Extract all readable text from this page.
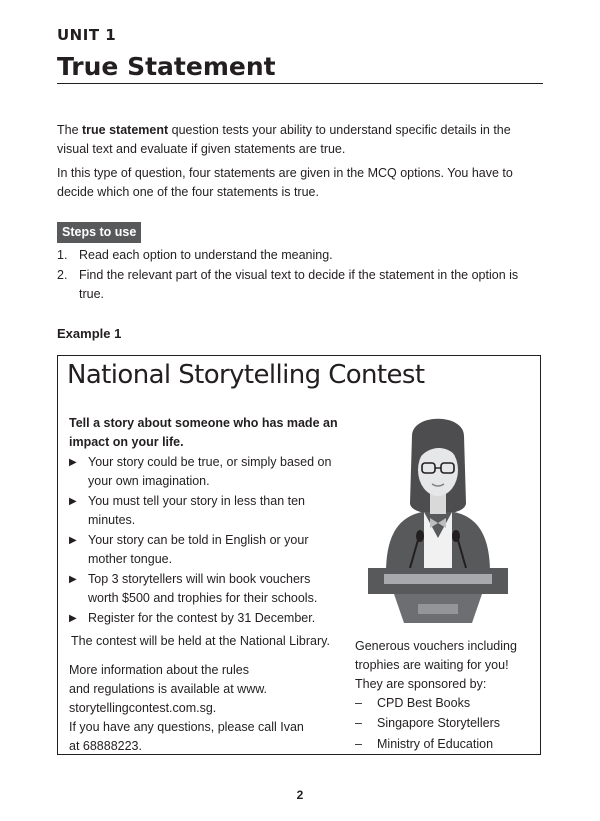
UNIT 1
True Statement

The true statement question tests your ability to understand specific details in the
visual text and evaluate if given statements are true.

In this type of question, four statements are given in the MCQ options. You have to
decide which one of the four statements is true.

Steps to use
1. Read each option to understand the meaning.
2. Find the relevant part of the visual text to decide if the statement in the option is
true.
Example 1
National Storytelling Contest
Tell a story about someone who has made an
impact on your life.
▶ Your story could be true, or simply based on
your own imagination.
▶ You must tell your story in less than ten
minutes.
▶ Your story can be told in English or your
mother tongue.
▶ Top 3 storytellers will win book vouchers
worth $500 and trophies for their schools.
▶ Register for the contest by 31 December.
The contest will be held at the National Library.
More information about the rules
and regulations is available at www.
storytellingcontest.com.sg.
If you have any questions, please call Ivan
at 68888223.
Generous vouchers including
trophies are waiting for you!
They are sponsored by:
– CPD Best Books
– Singapore Storytellers
– Ministry of Education
2
